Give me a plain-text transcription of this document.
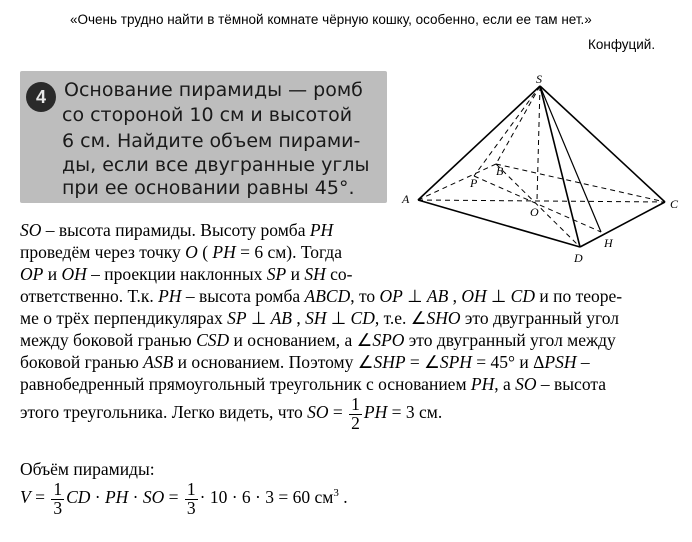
«Очень трудно найти в тёмной комнате чёрную кошку, особенно, если ее там нет.»
Конфуций.
4 Основание пирамиды — ромб
со стороной 10 см и высотой
6 см. Найдите объем пирами-
ды, если все двугранные углы
при ее основании равны 45°.
S
A
B
C
D
P
O
H
SO – высота пирамиды. Высоту ромба PH
проведём через точку O ( PH = 6 см). Тогда
OP и OH – проекции наклонных SP и SH со-
ответственно. Т.к. PH – высота ромба ABCD, то OP ⊥ AB , OH ⊥ CD и по теоре-
ме о трёх перпендикулярах SP ⊥ AB , SH ⊥ CD, т.е. ∠SHO это двугранный угол
между боковой гранью CSD и основанием, а ∠SPO это двугранный угол между
боковой гранью ASB и основанием. Поэтому ∠SHP = ∠SPH = 45° и ΔPSH –
равнобедренный прямоугольный треугольник с основанием PH, а SO – высота
этого треугольника. Легко видеть, что SO = $\frac{1}{2}$ PH = 3 см.
Объём пирамиды:
$V = \frac{1}{3}$ CD · PH · SO = $\frac{1}{3} \cdot 10 \cdot 6 \cdot 3 = 60$ $см^3$ .
